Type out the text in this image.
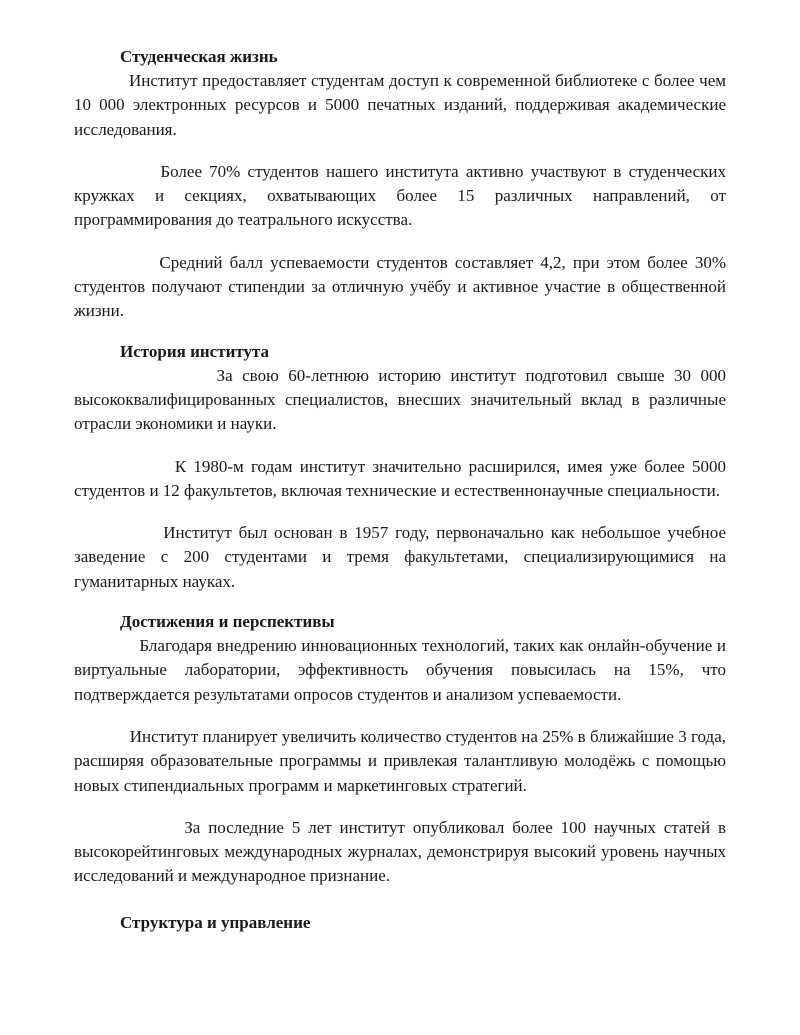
Студенческая жизнь

Институт предоставляет студентам доступ к современной библиотеке с более чем 10 000 электронных ресурсов и 5000 печатных изданий, поддерживая академические исследования.

Более 70% студентов нашего института активно участвуют в студенческих кружках и секциях, охватывающих более 15 различных направлений, от программирования до театрального искусства.

Средний балл успеваемости студентов составляет 4,2, при этом более 30% студентов получают стипендии за отличную учёбу и активное участие в общественной жизни.

История института

За свою 60-летнюю историю институт подготовил свыше 30 000 высококвалифицированных специалистов, внесших значительный вклад в различные отрасли экономики и науки.

К 1980-м годам институт значительно расширился, имея уже более 5000 студентов и 12 факультетов, включая технические и естественнонаучные специальности.

Институт был основан в 1957 году, первоначально как небольшое учебное заведение с 200 студентами и тремя факультетами, специализирующимися на гуманитарных науках.

Достижения и перспективы

Благодаря внедрению инновационных технологий, таких как онлайн-обучение и виртуальные лаборатории, эффективность обучения повысилась на 15%, что подтверждается результатами опросов студентов и анализом успеваемости.

Институт планирует увеличить количество студентов на 25% в ближайшие 3 года, расширяя образовательные программы и привлекая талантливую молодёжь с помощью новых стипендиальных программ и маркетинговых стратегий.

За последние 5 лет институт опубликовал более 100 научных статей в высокорейтинговых международных журналах, демонстрируя высокий уровень научных исследований и международное признание.

Структура и управление
